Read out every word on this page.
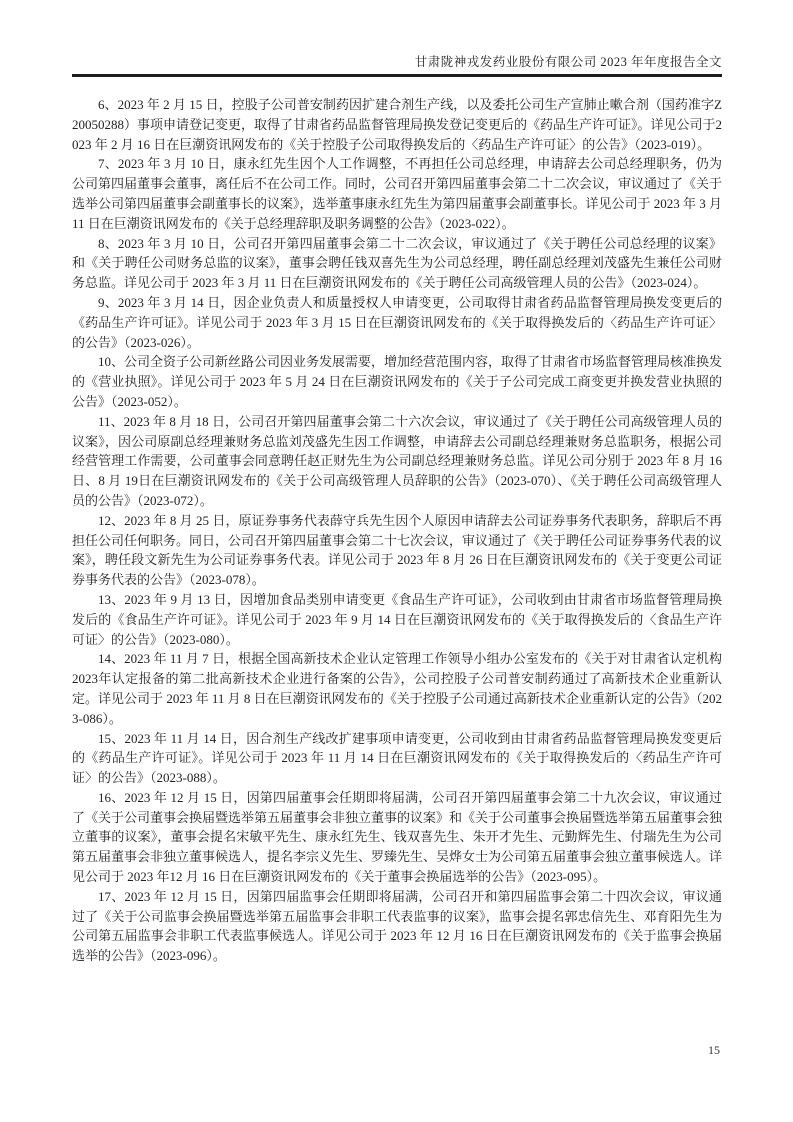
甘肃陇神戎发药业股份有限公司 2023 年年度报告全文

6、2023 年 2 月 15 日，控股子公司普安制药因扩建合剂生产线，以及委托公司生产宣肺止嗽合剂（国药准字Z20050288）事项申请登记变更，取得了甘肃省药品监督管理局换发登记变更后的《药品生产许可证》。详见公司于2023 年 2 月 16 日在巨潮资讯网发布的《关于控股子公司取得换发后的〈药品生产许可证〉的公告》（2023-019）。

7、2023 年 3 月 10 日，康永红先生因个人工作调整，不再担任公司总经理，申请辞去公司总经理职务，仍为公司第四届董事会董事，离任后不在公司工作。同时，公司召开第四届董事会第二十二次会议，审议通过了《关于选举公司第四届董事会副董事长的议案》，选举董事康永红先生为第四届董事会副董事长。详见公司于 2023 年 3 月 11 日在巨潮资讯网发布的《关于总经理辞职及职务调整的公告》（2023-022）。

8、2023 年 3 月 10 日，公司召开第四届董事会第二十二次会议，审议通过了《关于聘任公司总经理的议案》和《关于聘任公司财务总监的议案》，董事会聘任钱双喜先生为公司总经理，聘任副总经理刘茂盛先生兼任公司财务总监。详见公司于 2023 年 3 月 11 日在巨潮资讯网发布的《关于聘任公司高级管理人员的公告》（2023-024）。

9、2023 年 3 月 14 日，因企业负责人和质量授权人申请变更，公司取得甘肃省药品监督管理局换发变更后的《药品生产许可证》。详见公司于 2023 年 3 月 15 日在巨潮资讯网发布的《关于取得换发后的〈药品生产许可证〉的公告》（2023-026）。

10、公司全资子公司新丝路公司因业务发展需要，增加经营范围内容，取得了甘肃省市场监督管理局核准换发的《营业执照》。详见公司于 2023 年 5 月 24 日在巨潮资讯网发布的《关于子公司完成工商变更并换发营业执照的公告》（2023-052）。

11、2023 年 8 月 18 日，公司召开第四届董事会第二十六次会议，审议通过了《关于聘任公司高级管理人员的议案》，因公司原副总经理兼财务总监刘茂盛先生因工作调整，申请辞去公司副总经理兼财务总监职务，根据公司经营管理工作需要，公司董事会同意聘任赵正财先生为公司副总经理兼财务总监。详见公司分别于 2023 年 8 月 16 日、8 月 19日在巨潮资讯网发布的《关于公司高级管理人员辞职的公告》（2023-070）、《关于聘任公司高级管理人员的公告》（2023-072）。

12、2023 年 8 月 25 日，原证券事务代表薛守兵先生因个人原因申请辞去公司证券事务代表职务，辞职后不再担任公司任何职务。同日，公司召开第四届董事会第二十七次会议，审议通过了《关于聘任公司证券事务代表的议案》，聘任段文新先生为公司证券事务代表。详见公司于 2023 年 8 月 26 日在巨潮资讯网发布的《关于变更公司证券事务代表的公告》（2023-078）。

13、2023 年 9 月 13 日，因增加食品类别申请变更《食品生产许可证》，公司收到由甘肃省市场监督管理局换发后的《食品生产许可证》。详见公司于 2023 年 9 月 14 日在巨潮资讯网发布的《关于取得换发后的〈食品生产许可证〉的公告》（2023-080）。

14、2023 年 11 月 7 日，根据全国高新技术企业认定管理工作领导小组办公室发布的《关于对甘肃省认定机构 2023年认定报备的第二批高新技术企业进行备案的公告》，公司控股子公司普安制药通过了高新技术企业重新认定。详见公司于 2023 年 11 月 8 日在巨潮资讯网发布的《关于控股子公司通过高新技术企业重新认定的公告》（2023-086）。

15、2023 年 11 月 14 日，因合剂生产线改扩建事项申请变更，公司收到由甘肃省药品监督管理局换发变更后的《药品生产许可证》。详见公司于 2023 年 11 月 14 日在巨潮资讯网发布的《关于取得换发后的〈药品生产许可证〉的公告》（2023-088）。

16、2023 年 12 月 15 日，因第四届董事会任期即将届满，公司召开第四届董事会第二十九次会议，审议通过了《关于公司董事会换届暨选举第五届董事会非独立董事的议案》和《关于公司董事会换届暨选举第五届董事会独立董事的议案》，董事会提名宋敏平先生、康永红先生、钱双喜先生、朱开才先生、元勤辉先生、付瑞先生为公司第五届董事会非独立董事候选人，提名李宗义先生、罗臻先生、吴烨女士为公司第五届董事会独立董事候选人。详见公司于 2023 年12 月 16 日在巨潮资讯网发布的《关于董事会换届选举的公告》（2023-095）。

17、2023 年 12 月 15 日，因第四届监事会任期即将届满，公司召开和第四届监事会第二十四次会议，审议通过了《关于公司监事会换届暨选举第五届监事会非职工代表监事的议案》，监事会提名郭忠信先生、邓育阳先生为公司第五届监事会非职工代表监事候选人。详见公司于 2023 年 12 月 16 日在巨潮资讯网发布的《关于监事会换届选举的公告》（2023-096）。

15
